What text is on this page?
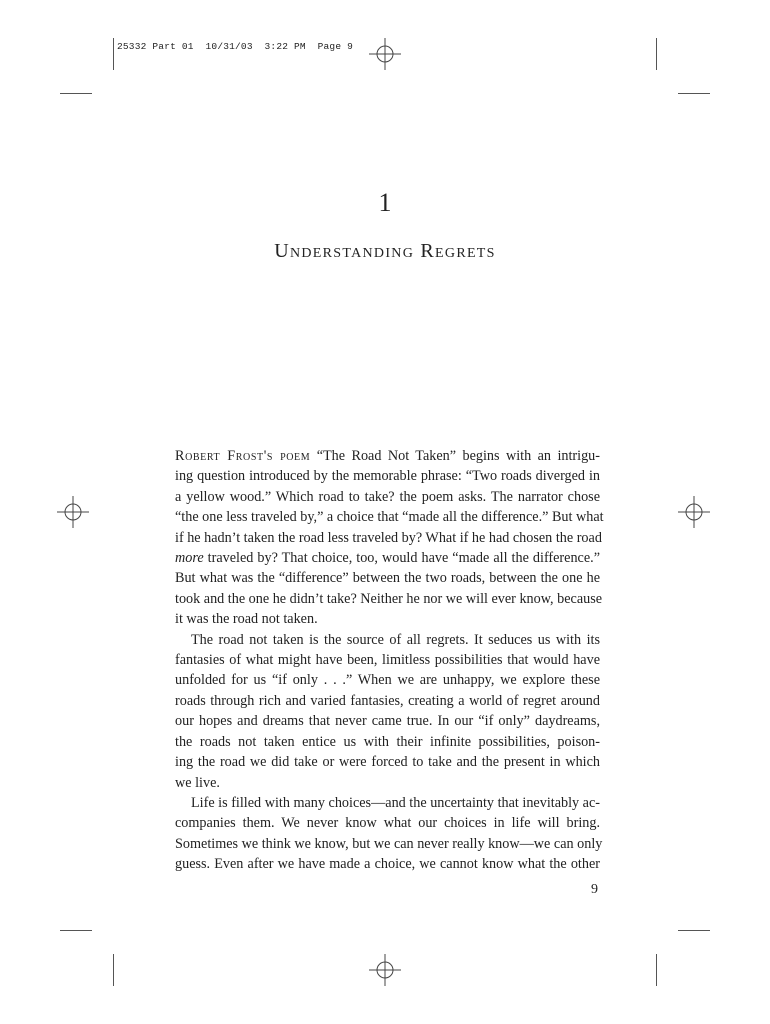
25332 Part 01  10/31/03  3:22 PM  Page 9
1
Understanding Regrets
Robert Frost's poem “The Road Not Taken” begins with an intrigu-
ing question introduced by the memorable phrase: “Two roads diverged in
a yellow wood.” Which road to take? the poem asks. The narrator chose
“the one less traveled by,” a choice that “made all the difference.” But what
if he hadn’t taken the road less traveled by? What if he had chosen the road
more traveled by? That choice, too, would have “made all the difference.”
But what was the “difference” between the two roads, between the one he
took and the one he didn’t take? Neither he nor we will ever know, because
it was the road not taken.
The road not taken is the source of all regrets. It seduces us with its
fantasies of what might have been, limitless possibilities that would have
unfolded for us “if only . . .” When we are unhappy, we explore these
roads through rich and varied fantasies, creating a world of regret around
our hopes and dreams that never came true. In our “if only” daydreams,
the roads not taken entice us with their infinite possibilities, poison-
ing the road we did take or were forced to take and the present in which
we live.
Life is filled with many choices—and the uncertainty that inevitably ac-
companies them. We never know what our choices in life will bring.
Sometimes we think we know, but we can never really know—we can only
guess. Even after we have made a choice, we cannot know what the other
9
